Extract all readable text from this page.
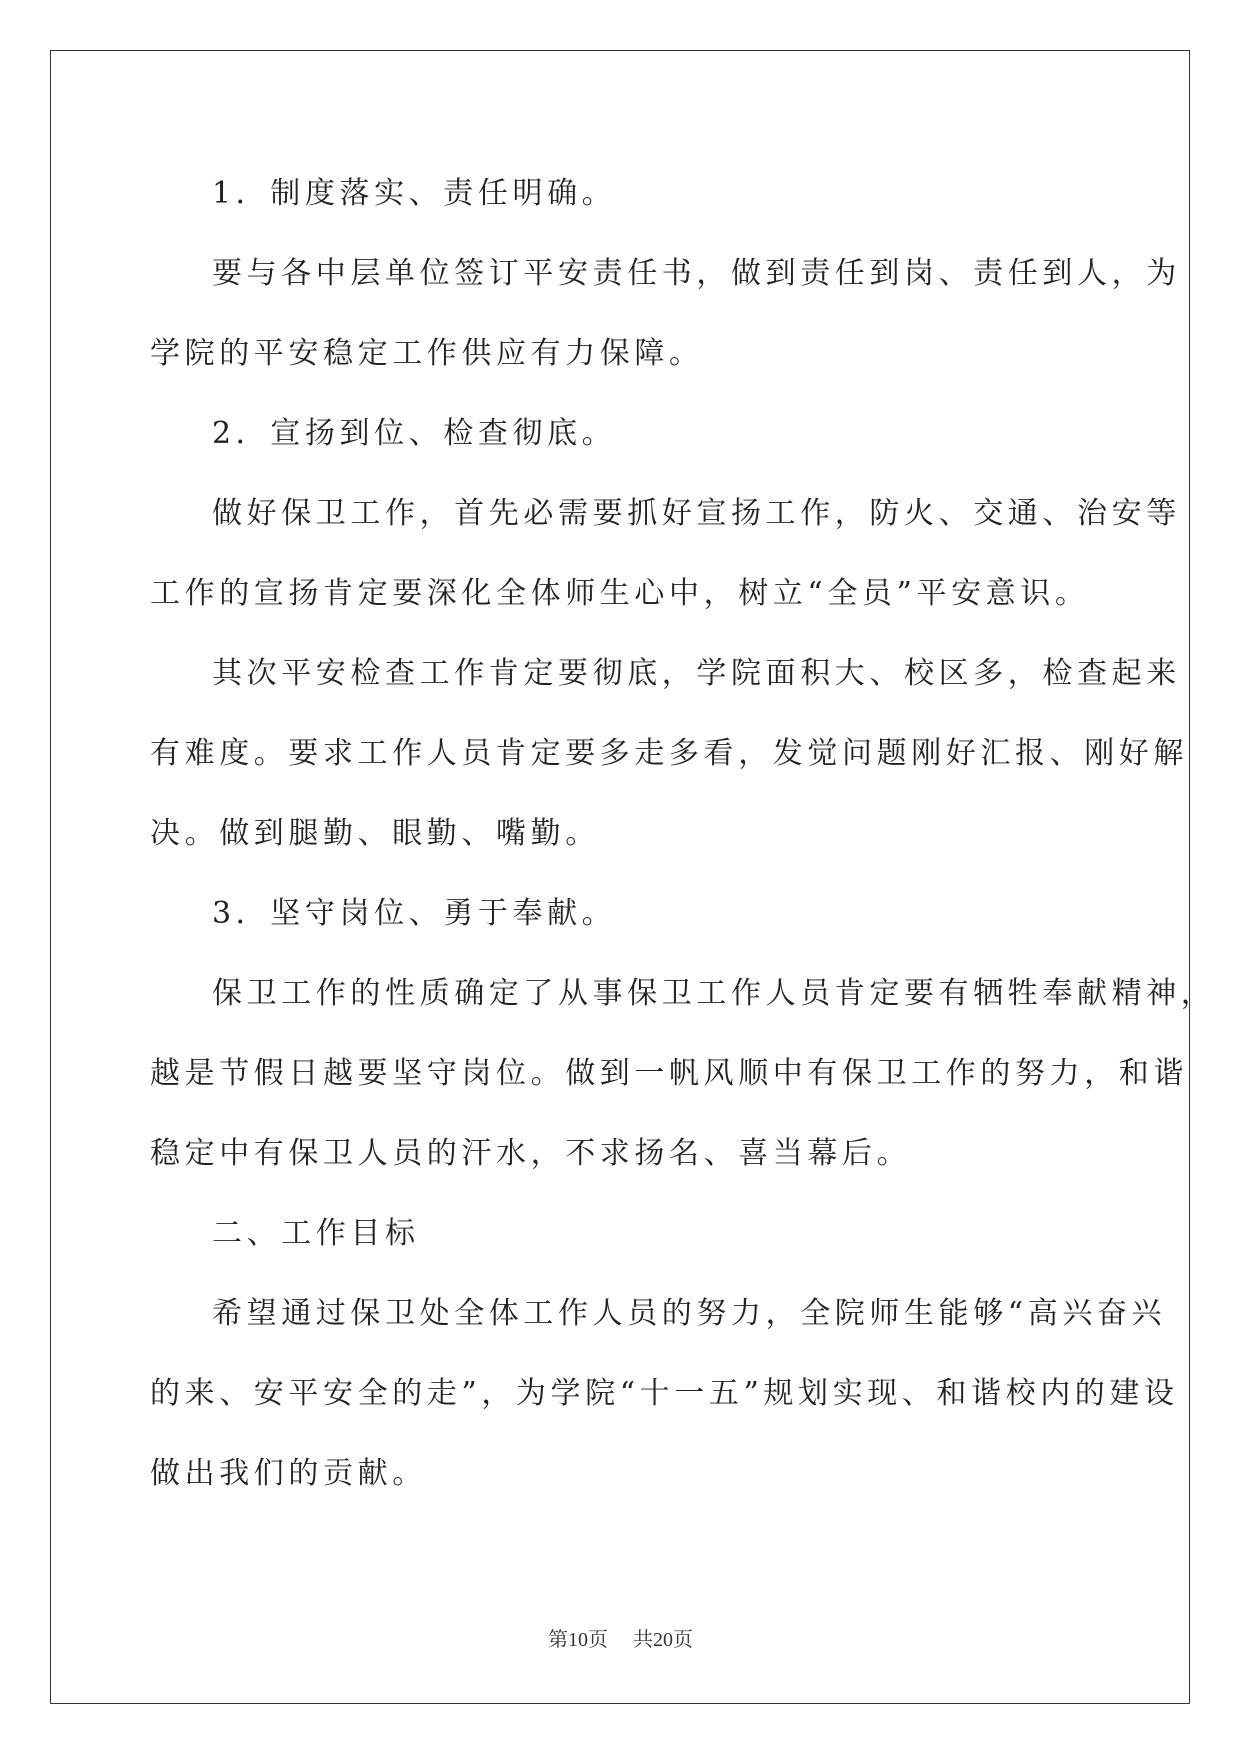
1．制度落实、责任明确。
要与各中层单位签订平安责任书，做到责任到岗、责任到人，为
学院的平安稳定工作供应有力保障。
2．宣扬到位、检查彻底。
做好保卫工作，首先必需要抓好宣扬工作，防火、交通、治安等
工作的宣扬肯定要深化全体师生心中，树立“全员”平安意识。
其次平安检查工作肯定要彻底，学院面积大、校区多，检查起来
有难度。要求工作人员肯定要多走多看，发觉问题刚好汇报、刚好解
决。做到腿勤、眼勤、嘴勤。
3．坚守岗位、勇于奉献。
保卫工作的性质确定了从事保卫工作人员肯定要有牺牲奉献精神，
越是节假日越要坚守岗位。做到一帆风顺中有保卫工作的努力，和谐
稳定中有保卫人员的汗水，不求扬名、喜当幕后。
二、工作目标
希望通过保卫处全体工作人员的努力，全院师生能够“高兴奋兴
的来、安平安全的走”，为学院“十一五”规划实现、和谐校内的建设
做出我们的贡献。
第10页 共20页
